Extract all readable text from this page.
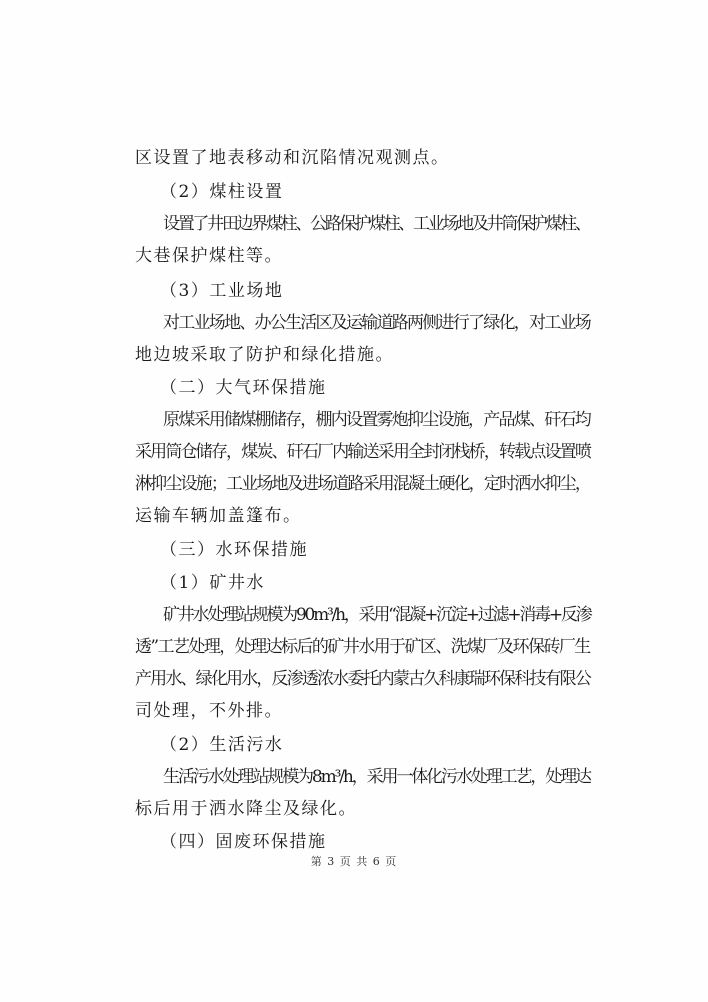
区设置了地表移动和沉陷情况观测点。
（2）煤柱设置
设置了井田边界煤柱、公路保护煤柱、工业场地及井筒保护煤柱、
大巷保护煤柱等。
（3）工业场地
对工业场地、办公生活区及运输道路两侧进行了绿化，对工业场
地边坡采取了防护和绿化措施。
（二）大气环保措施
原煤采用储煤棚储存，棚内设置雾炮抑尘设施，产品煤、矸石均
采用筒仓储存，煤炭、矸石厂内输送采用全封闭栈桥，转载点设置喷
淋抑尘设施；工业场地及进场道路采用混凝土硬化，定时洒水抑尘，
运输车辆加盖篷布。
（三）水环保措施
（1）矿井水
矿井水处理站规模为90m³/h，采用“混凝+沉淀+过滤+消毒+反渗
透”工艺处理，处理达标后的矿井水用于矿区、洗煤厂及环保砖厂生
产用水、绿化用水，反渗透浓水委托内蒙古久科康瑞环保科技有限公
司处理，不外排。
（2）生活污水
生活污水处理站规模为8m³/h，采用一体化污水处理工艺，处理达
标后用于洒水降尘及绿化。
（四）固废环保措施
第 3 页 共 6 页
